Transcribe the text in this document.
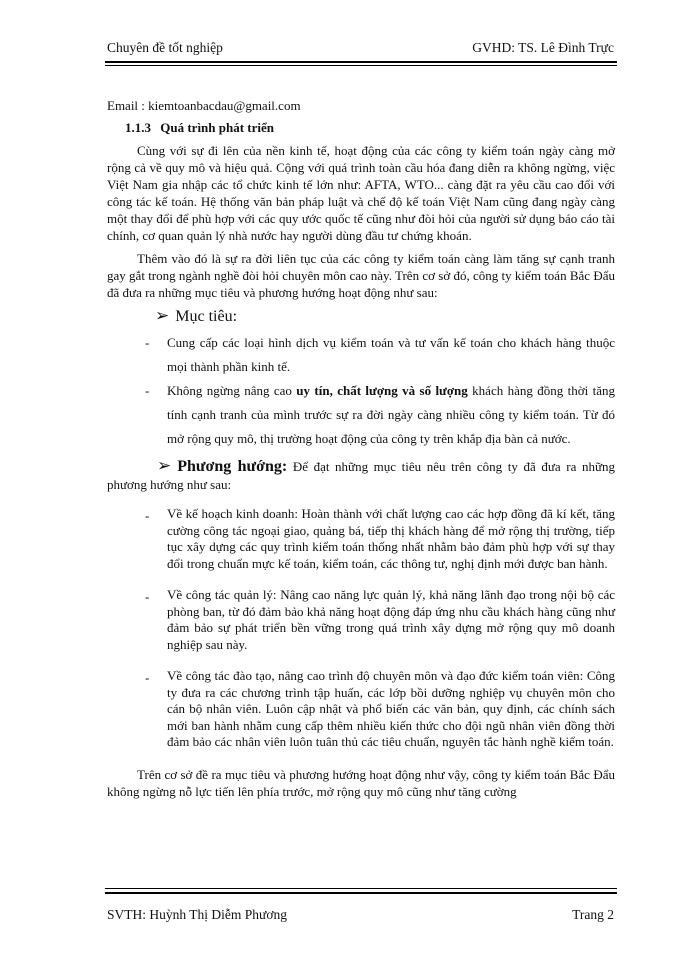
Chuyên đề tốt nghiệp	GVHD: TS. Lê Đình Trực

Email : kiemtoanbacdau@gmail.com

1.1.3 Quá trình phát triển

Cùng với sự đi lên của nền kinh tế, hoạt động của các công ty kiểm toán ngày càng mở rộng cả về quy mô và hiệu quả. Cộng với quá trình toàn cầu hóa đang diễn ra không ngừng, việc Việt Nam gia nhập các tổ chức kinh tế lớn như: AFTA, WTO... càng đặt ra yêu cầu cao đối với công tác kế toán. Hệ thống văn bản pháp luật và chế độ kế toán Việt Nam cũng đang ngày càng một thay đổi để phù hợp với các quy ước quốc tế cũng như đòi hỏi của người sử dụng báo cáo tài chính, cơ quan quản lý nhà nước hay người dùng đầu tư chứng khoán.

Thêm vào đó là sự ra đời liên tục của các công ty kiểm toán càng làm tăng sự cạnh tranh gay gắt trong ngành nghề đòi hỏi chuyên môn cao này. Trên cơ sở đó, công ty kiểm toán Bắc Đẩu đã đưa ra những mục tiêu và phương hướng hoạt động như sau:

➢ Mục tiêu:
- Cung cấp các loại hình dịch vụ kiểm toán và tư vấn kế toán cho khách hàng thuộc mọi thành phần kinh tế.
- Không ngừng nâng cao uy tín, chất lượng và số lượng khách hàng đồng thời tăng tính cạnh tranh của mình trước sự ra đời ngày càng nhiều công ty kiểm toán. Từ đó mở rộng quy mô, thị trường hoạt động của công ty trên khắp địa bàn cả nước.

➢ Phương hướng: Để đạt những mục tiêu nêu trên công ty đã đưa ra những phương hướng như sau:

- Về kế hoạch kinh doanh: Hoàn thành với chất lượng cao các hợp đồng đã kí kết, tăng cường công tác ngoại giao, quảng bá, tiếp thị khách hàng để mở rộng thị trường, tiếp tục xây dựng các quy trình kiểm toán thống nhất nhằm bảo đảm phù hợp với sự thay đổi trong chuẩn mực kế toán, kiểm toán, các thông tư, nghị định mới được ban hành.
- Về công tác quản lý: Nâng cao năng lực quản lý, khả năng lãnh đạo trong nội bộ các phòng ban, từ đó đảm bảo khả năng hoạt động đáp ứng nhu cầu khách hàng cũng như đảm bảo sự phát triển bền vững trong quá trình xây dựng mở rộng quy mô doanh nghiệp sau này.
- Về công tác đào tạo, nâng cao trình độ chuyên môn và đạo đức kiểm toán viên: Công ty đưa ra các chương trình tập huấn, các lớp bồi dưỡng nghiệp vụ chuyên môn cho cán bộ nhân viên. Luôn cập nhật và phổ biến các văn bản, quy định, các chính sách mới ban hành nhằm cung cấp thêm nhiều kiến thức cho đội ngũ nhân viên đồng thời đảm bảo các nhân viên luôn tuân thủ các tiêu chuẩn, nguyên tắc hành nghề kiểm toán.

Trên cơ sở đề ra mục tiêu và phương hướng hoạt động như vậy, công ty kiểm toán Bắc Đẩu không ngừng nỗ lực tiến lên phía trước, mở rộng quy mô cũng như tăng cường

SVTH: Huỳnh Thị Diễm Phương	Trang 2
